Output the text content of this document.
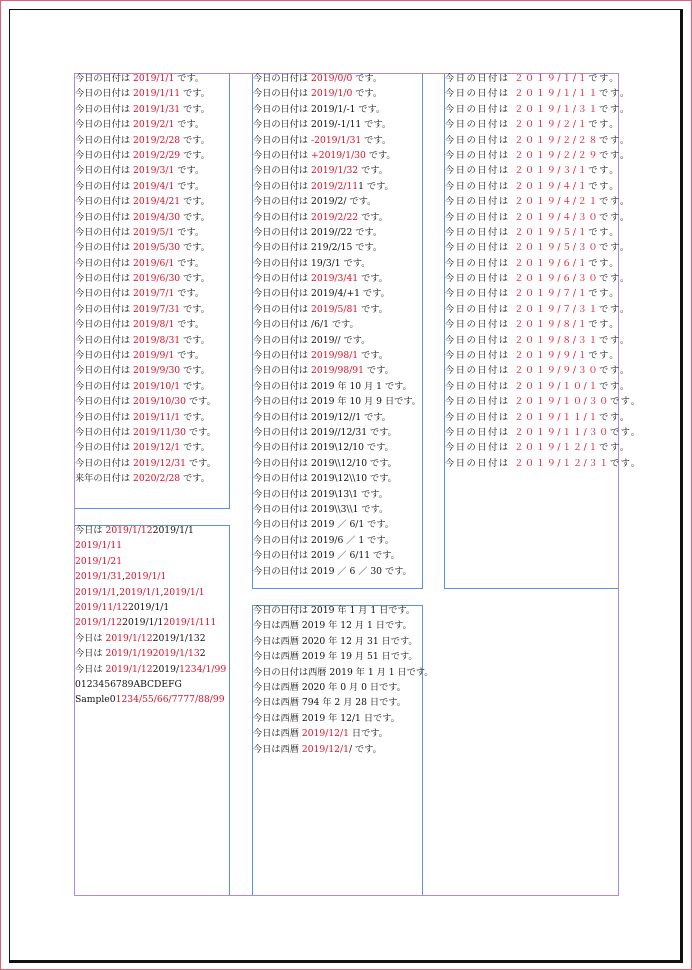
今日の日付は 2019/1/1 です。
今日の日付は 2019/1/11 です。
今日の日付は 2019/1/31 です。
今日の日付は 2019/2/1 です。
今日の日付は 2019/2/28 です。
今日の日付は 2019/2/29 です。
今日の日付は 2019/3/1 です。
今日の日付は 2019/4/1 です。
今日の日付は 2019/4/21 です。
今日の日付は 2019/4/30 です。
今日の日付は 2019/5/1 です。
今日の日付は 2019/5/30 です。
今日の日付は 2019/6/1 です。
今日の日付は 2019/6/30 です。
今日の日付は 2019/7/1 です。
今日の日付は 2019/7/31 です。
今日の日付は 2019/8/1 です。
今日の日付は 2019/8/31 です。
今日の日付は 2019/9/1 です。
今日の日付は 2019/9/30 です。
今日の日付は 2019/10/1 です。
今日の日付は 2019/10/30 です。
今日の日付は 2019/11/1 です。
今日の日付は 2019/11/30 です。
今日の日付は 2019/12/1 です。
今日の日付は 2019/12/31 です。
来年の日付は 2020/2/28 です。
今日の日付は 2019/0/0 です。
今日の日付は 2019/1/0 です。
今日の日付は 2019/1/-1 です。
今日の日付は 2019/-1/11 です。
今日の日付は -2019/1/31 です。
今日の日付は +2019/1/30 です。
今日の日付は 2019/1/32 です。
今日の日付は 2019/2/111 です。
今日の日付は 2019/2/ です。
今日の日付は 2019/2/22 です。
今日の日付は 2019//22 です。
今日の日付は 219/2/15 です。
今日の日付は 19/3/1 です。
今日の日付は 2019/3/41 です。
今日の日付は 2019/4/+1 です。
今日の日付は 2019/5/81 です。
今日の日付は /6/1 です。
今日の日付は 2019// です。
今日の日付は 2019/98/1 です。
今日の日付は 2019/98/91 です。
今日の日付は 2019 年 10 月 1 です。
今日の日付は 2019 年 10 月 9 日です。
今日の日付は 2019/12//1 です。
今日の日付は 2019//12/31 です。
今日の日付は 2019\12/10 です。
今日の日付は 2019\\12/10 です。
今日の日付は 2019\12\\10 です。
今日の日付は 2019\13\1 です。
今日の日付は 2019\\3\\1 です。
今日の日付は 2019 ／ 6/1 です。
今日の日付は 2019/6 ／ 1 です。
今日の日付は 2019 ／ 6/11 です。
今日の日付は 2019 ／ 6 ／ 30 です。
今日の日付は ２０１９/１/１です。
今日の日付は ２０１９/１/１１です。
今日の日付は ２０１９/１/３１です。
今日の日付は ２０１９/２/１です。
今日の日付は ２０１９/２/２８です。
今日の日付は ２０１９/２/２９です。
今日の日付は ２０１９/３/１です。
今日の日付は ２０１９/４/１です。
今日の日付は ２０１９/４/２１です。
今日の日付は ２０１９/４/３０です。
今日の日付は ２０１９/５/１です。
今日の日付は ２０１９/５/３０です。
今日の日付は ２０１９/６/１です。
今日の日付は ２０１９/６/３０です。
今日の日付は ２０１９/７/１です。
今日の日付は ２０１９/７/３１です。
今日の日付は ２０１９/８/１です。
今日の日付は ２０１９/８/３１です。
今日の日付は ２０１９/９/１です。
今日の日付は ２０１９/９/３０です。
今日の日付は ２０１９/１０/１です。
今日の日付は ２０１９/１０/３０です。
今日の日付は ２０１９/１１/１です。
今日の日付は ２０１９/１１/３０です。
今日の日付は ２０１９/１２/１です。
今日の日付は ２０１９/１２/３１です。
今日は 2019/1/122019/1/1
2019/1/11
2019/1/21
2019/1/31,2019/1/1
2019/1/1,2019/1/1,2019/1/1
2019/11/122019/1/1
2019/1/122019/1/12019/1/111
今日は 2019/1/122019/1/132
今日は 2019/1/192019/1/132
今日は 2019/1/122019/1234/1/99
0123456789ABCDEFG
Sample01234/55/66/7777/88/99
今日の日付は 2019 年 1 月 1 日です。
今日は西暦 2019 年 12 月 1 日です。
今日は西暦 2020 年 12 月 31 日です。
今日は西暦 2019 年 19 月 51 日です。
今日の日付は西暦 2019 年 1 月 1 日です。
今日は西暦 2020 年 0 月 0 日です。
今日は西暦 794 年 2 月 28 日です。
今日は西暦 2019 年 12/1 日です。
今日は西暦 2019/12/1 日です。
今日は西暦 2019/12/1/ です。
